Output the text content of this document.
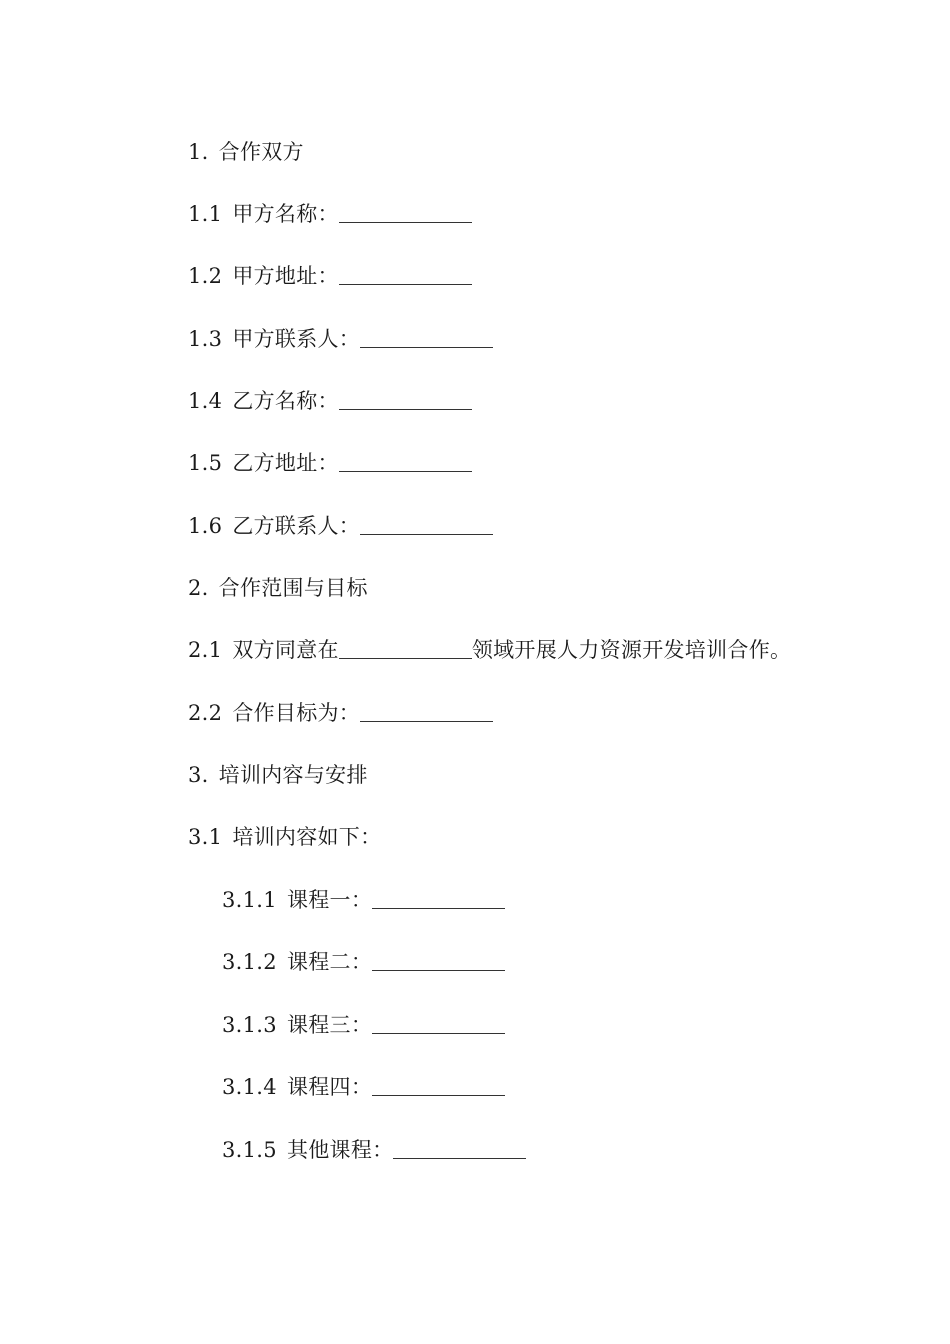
1. 合作双方
1.1 甲方名称：
1.2 甲方地址：
1.3 甲方联系人：
1.4 乙方名称：
1.5 乙方地址：
1.6 乙方联系人：
2. 合作范围与目标
2.1 双方同意在	领域开展人力资源开发培训合作。
2.2 合作目标为：
3. 培训内容与安排
3.1 培训内容如下：
3.1.1 课程一：
3.1.2 课程二：
3.1.3 课程三：
3.1.4 课程四：
3.1.5 其他课程：
